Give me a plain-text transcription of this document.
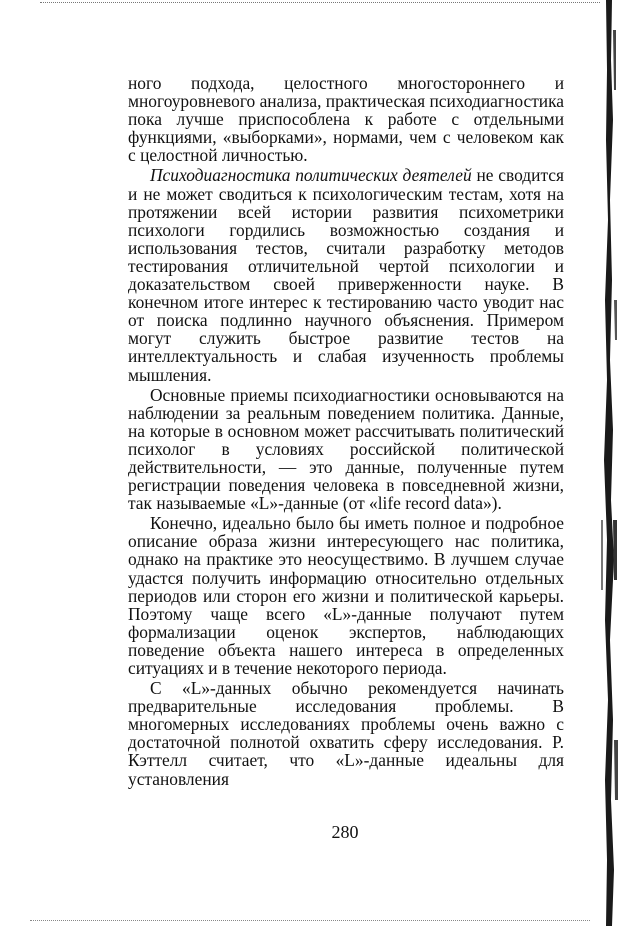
ного подхода, целостного многостороннего и многоуровневого анализа, практическая психодиагностика пока лучше приспособлена к работе с отдельными функциями, «выборками», нормами, чем с человеком как с целостной личностью.

Психодиагностика политических деятелей не сводится и не может сводиться к психологическим тестам, хотя на протяжении всей истории развития психометрики психологи гордились возможностью создания и использования тестов, считали разработку методов тестирования отличительной чертой психологии и доказательством своей приверженности науке. В конечном итоге интерес к тестированию часто уводит нас от поиска подлинно научного объяснения. Примером могут служить быстрое развитие тестов на интеллектуальность и слабая изученность проблемы мышления.

Основные приемы психодиагностики основываются на наблюдении за реальным поведением политика. Данные, на которые в основном может рассчитывать политический психолог в условиях российской политической действительности, — это данные, полученные путем регистрации поведения человека в повседневной жизни, так называемые «L»-данные (от «life record data»).

Конечно, идеально было бы иметь полное и подробное описание образа жизни интересующего нас политика, однако на практике это неосуществимо. В лучшем случае удастся получить информацию относительно отдельных периодов или сторон его жизни и политической карьеры. Поэтому чаще всего «L»-данные получают путем формализации оценок экспертов, наблюдающих поведение объекта нашего интереса в определенных ситуациях и в течение некоторого периода.

С «L»-данных обычно рекомендуется начинать предварительные исследования проблемы. В многомерных исследованиях проблемы очень важно с достаточной полнотой охватить сферу исследования. Р. Кэттелл считает, что «L»-данные идеальны для установления

280
